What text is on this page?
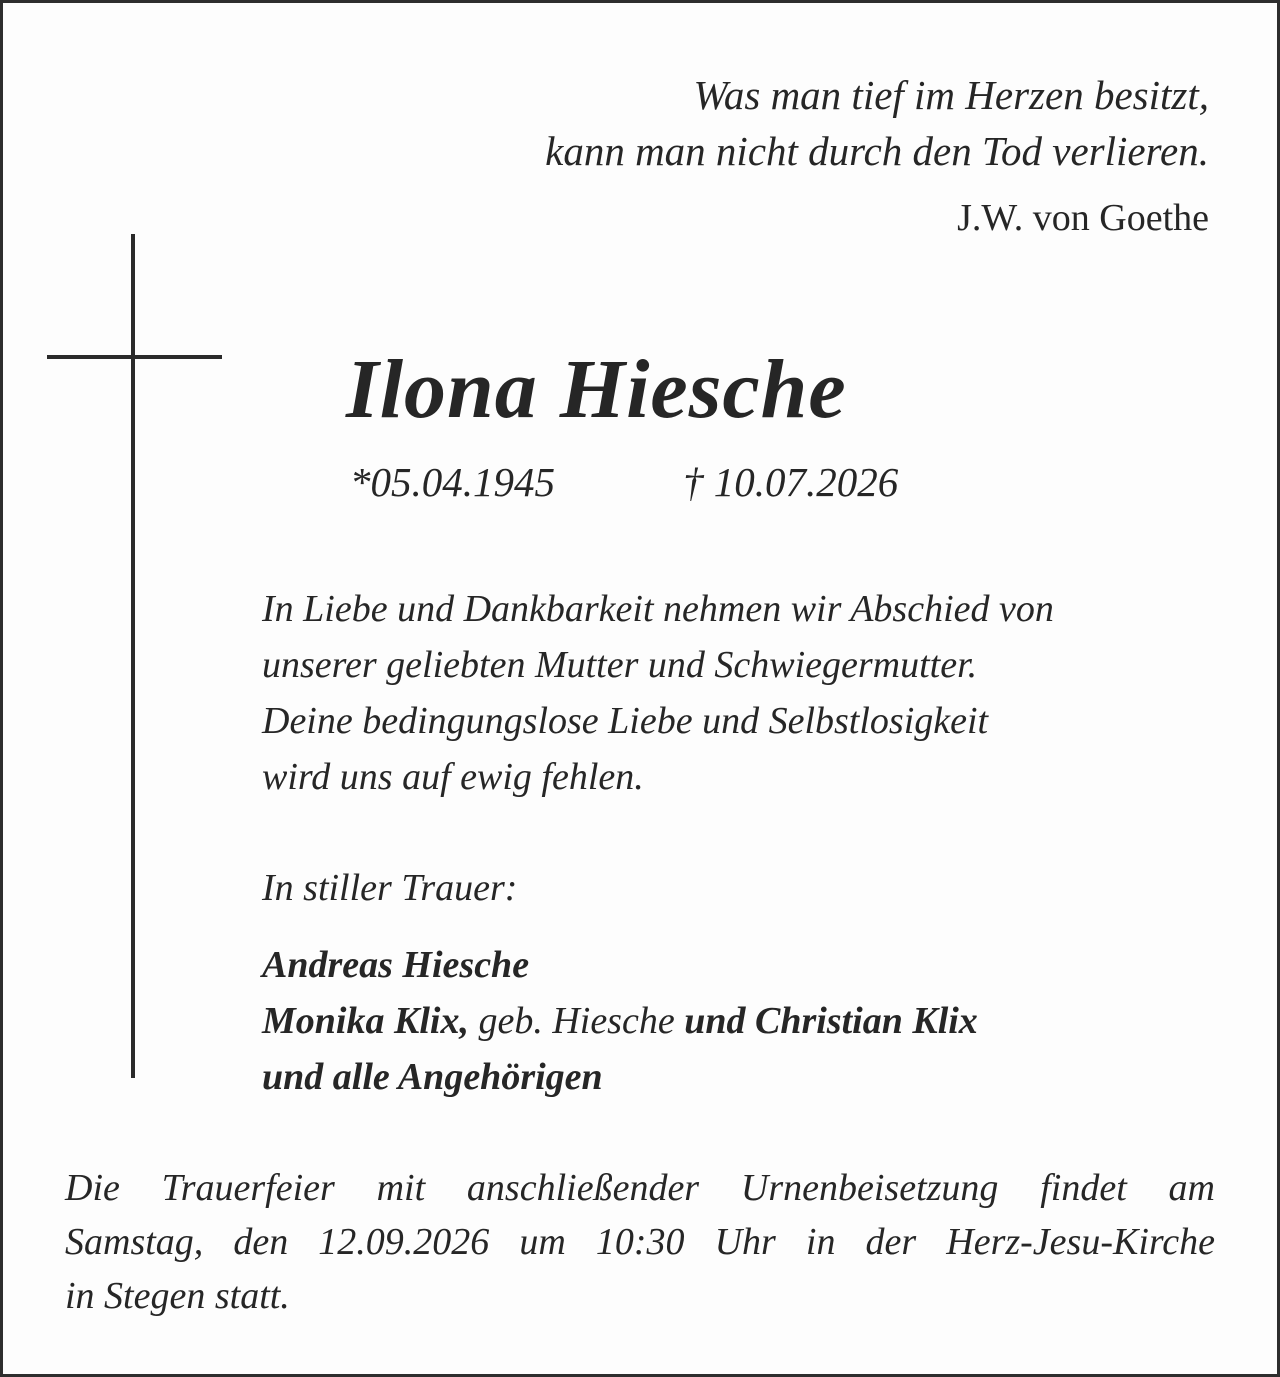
Was man tief im Herzen besitzt,
kann man nicht durch den Tod verlieren.
J.W. von Goethe
Ilona Hiesche
*05.04.1945	† 10.07.2026
In Liebe und Dankbarkeit nehmen wir Abschied von
unserer geliebten Mutter und Schwiegermutter.
Deine bedingungslose Liebe und Selbstlosigkeit
wird uns auf ewig fehlen.
In stiller Trauer:
Andreas Hiesche
Monika Klix, geb. Hiesche und Christian Klix
und alle Angehörigen
Die Trauerfeier mit anschließender Urnenbeisetzung findet am
Samstag, den 12.09.2026 um 10:30 Uhr in der Herz-Jesu-Kirche
in Stegen statt.
